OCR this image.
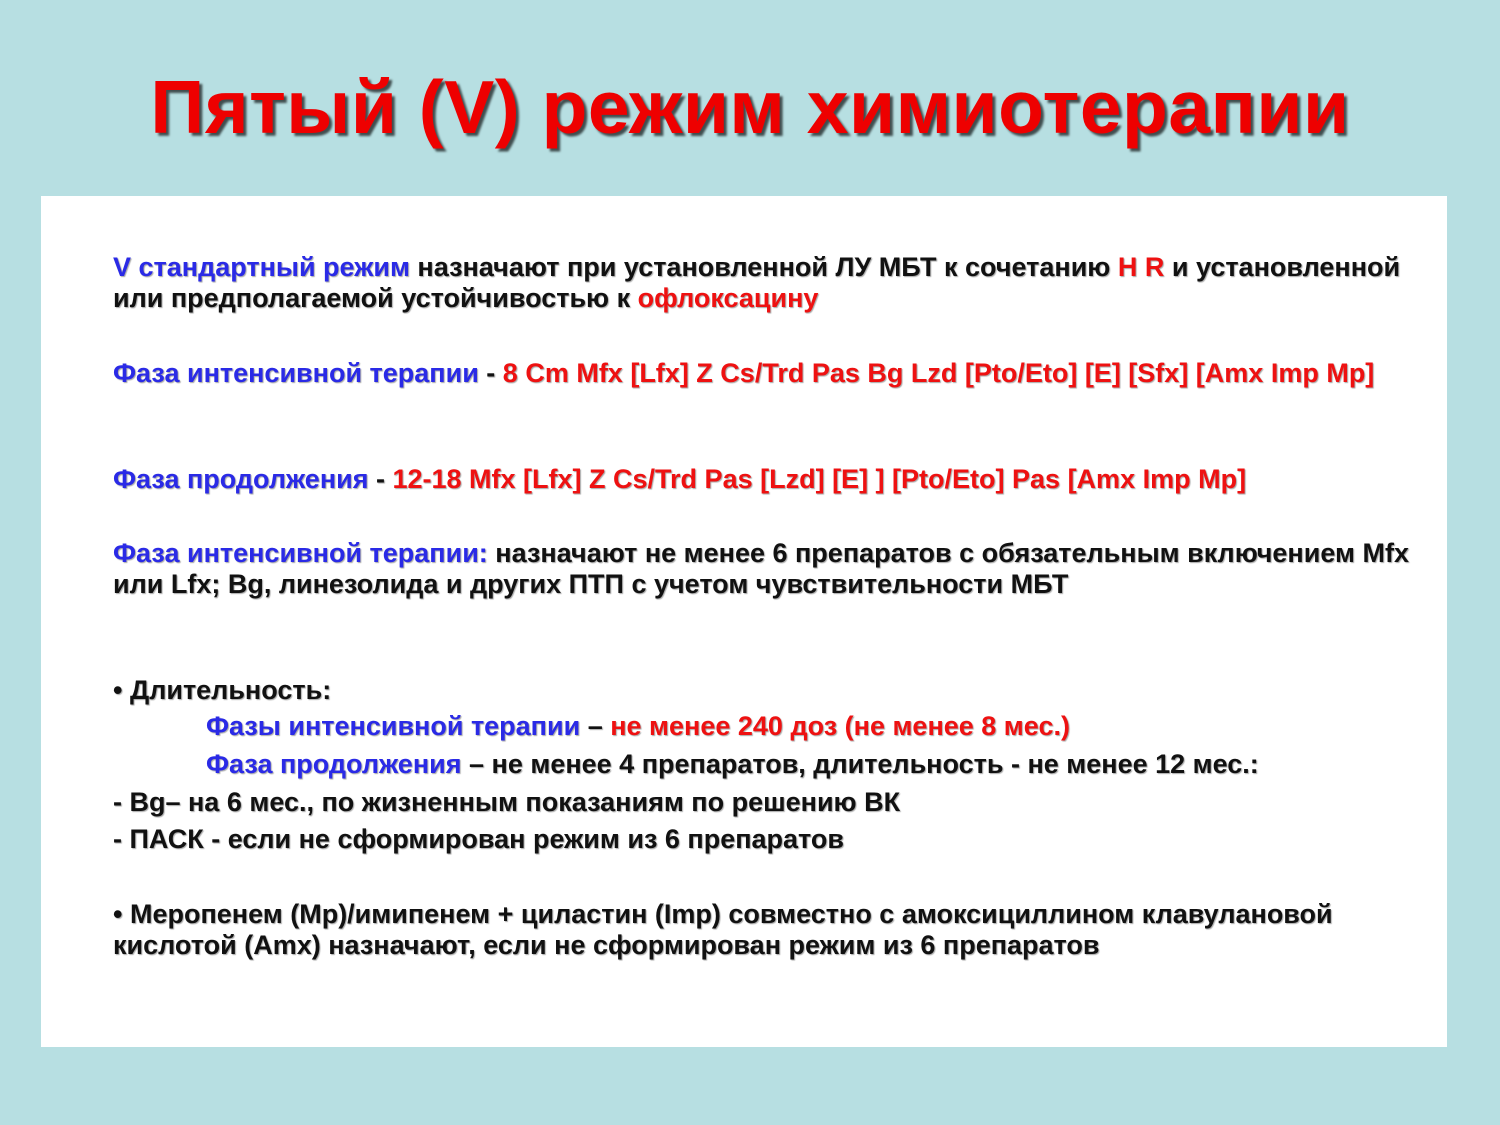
Пятый (V) режим химиотерапии

V стандартный режим назначают при установленной ЛУ МБТ к сочетанию H R и установленной или предполагаемой устойчивостью к офлоксацину

Фаза интенсивной терапии - 8 Cm Mfx [Lfx] Z Cs/Trd Pas Bg Lzd [Pto/Eto] [E] [Sfx] [Amx Imp Mp]

Фаза продолжения - 12-18 Mfx [Lfx] Z Cs/Trd Pas [Lzd] [E] ] [Pto/Eto] Pas [Amx Imp Mp]

Фаза интенсивной терапии: назначают не менее 6 препаратов с обязательным включением Mfx или Lfx; Bg, линезолида и других ПТП с учетом чувствительности МБТ

• Длительность:

Фазы интенсивной терапии – не менее 240 доз (не менее 8 мес.)

Фаза продолжения – не менее 4 препаратов, длительность - не менее 12 мес.:

- Bg– на 6 мес., по жизненным показаниям по решению ВК

- ПАСК - если не сформирован режим из 6 препаратов

• Меропенем (Mp)/имипенем + циластин (Imp) совместно с амоксициллином клавулановой кислотой (Amx) назначают, если не сформирован режим из 6 препаратов
